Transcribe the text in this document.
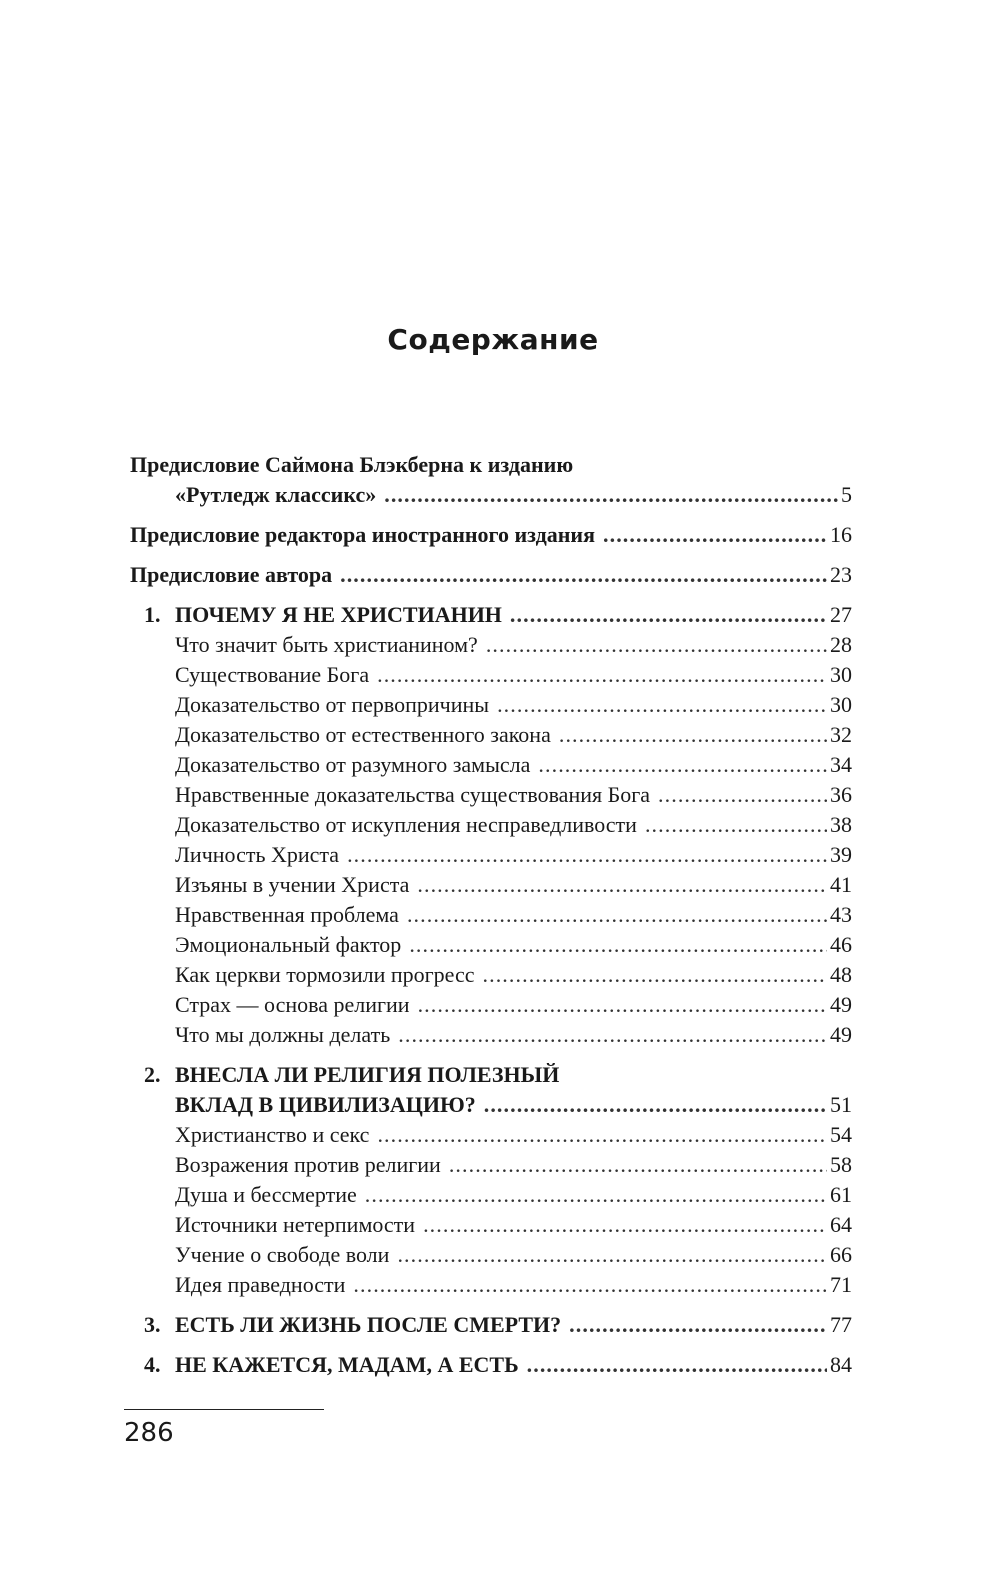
Содержание
Предисловие Саймона Блэкберна к изданию
«Рутледж классикс» . . .	5
Предисловие редактора иностранного издания . . .	16
Предисловие автора . . .	23
1. ПОЧЕМУ Я НЕ ХРИСТИАНИН . . .	27
Что значит быть христианином? . . .	28
Существование Бога . . .	30
Доказательство от первопричины . . .	30
Доказательство от естественного закона . . .	32
Доказательство от разумного замысла . . .	34
Нравственные доказательства существования Бога . . .	36
Доказательство от искупления несправедливости . . .	38
Личность Христа . . .	39
Изъяны в учении Христа . . .	41
Нравственная проблема . . .	43
Эмоциональный фактор . . .	46
Как церкви тормозили прогресс . . .	48
Страх — основа религии . . .	49
Что мы должны делать . . .	49
2. ВНЕСЛА ЛИ РЕЛИГИЯ ПОЛЕЗНЫЙ
ВКЛАД В ЦИВИЛИЗАЦИЮ? . . .	51
Христианство и секс . . .	54
Возражения против религии . . .	58
Душа и бессмертие . . .	61
Источники нетерпимости . . .	64
Учение о свободе воли . . .	66
Идея праведности . . .	71
3. ЕСТЬ ЛИ ЖИЗНЬ ПОСЛЕ СМЕРТИ? . . .	77
4. НЕ КАЖЕТСЯ, МАДАМ, А ЕСТЬ . . .	84
286
